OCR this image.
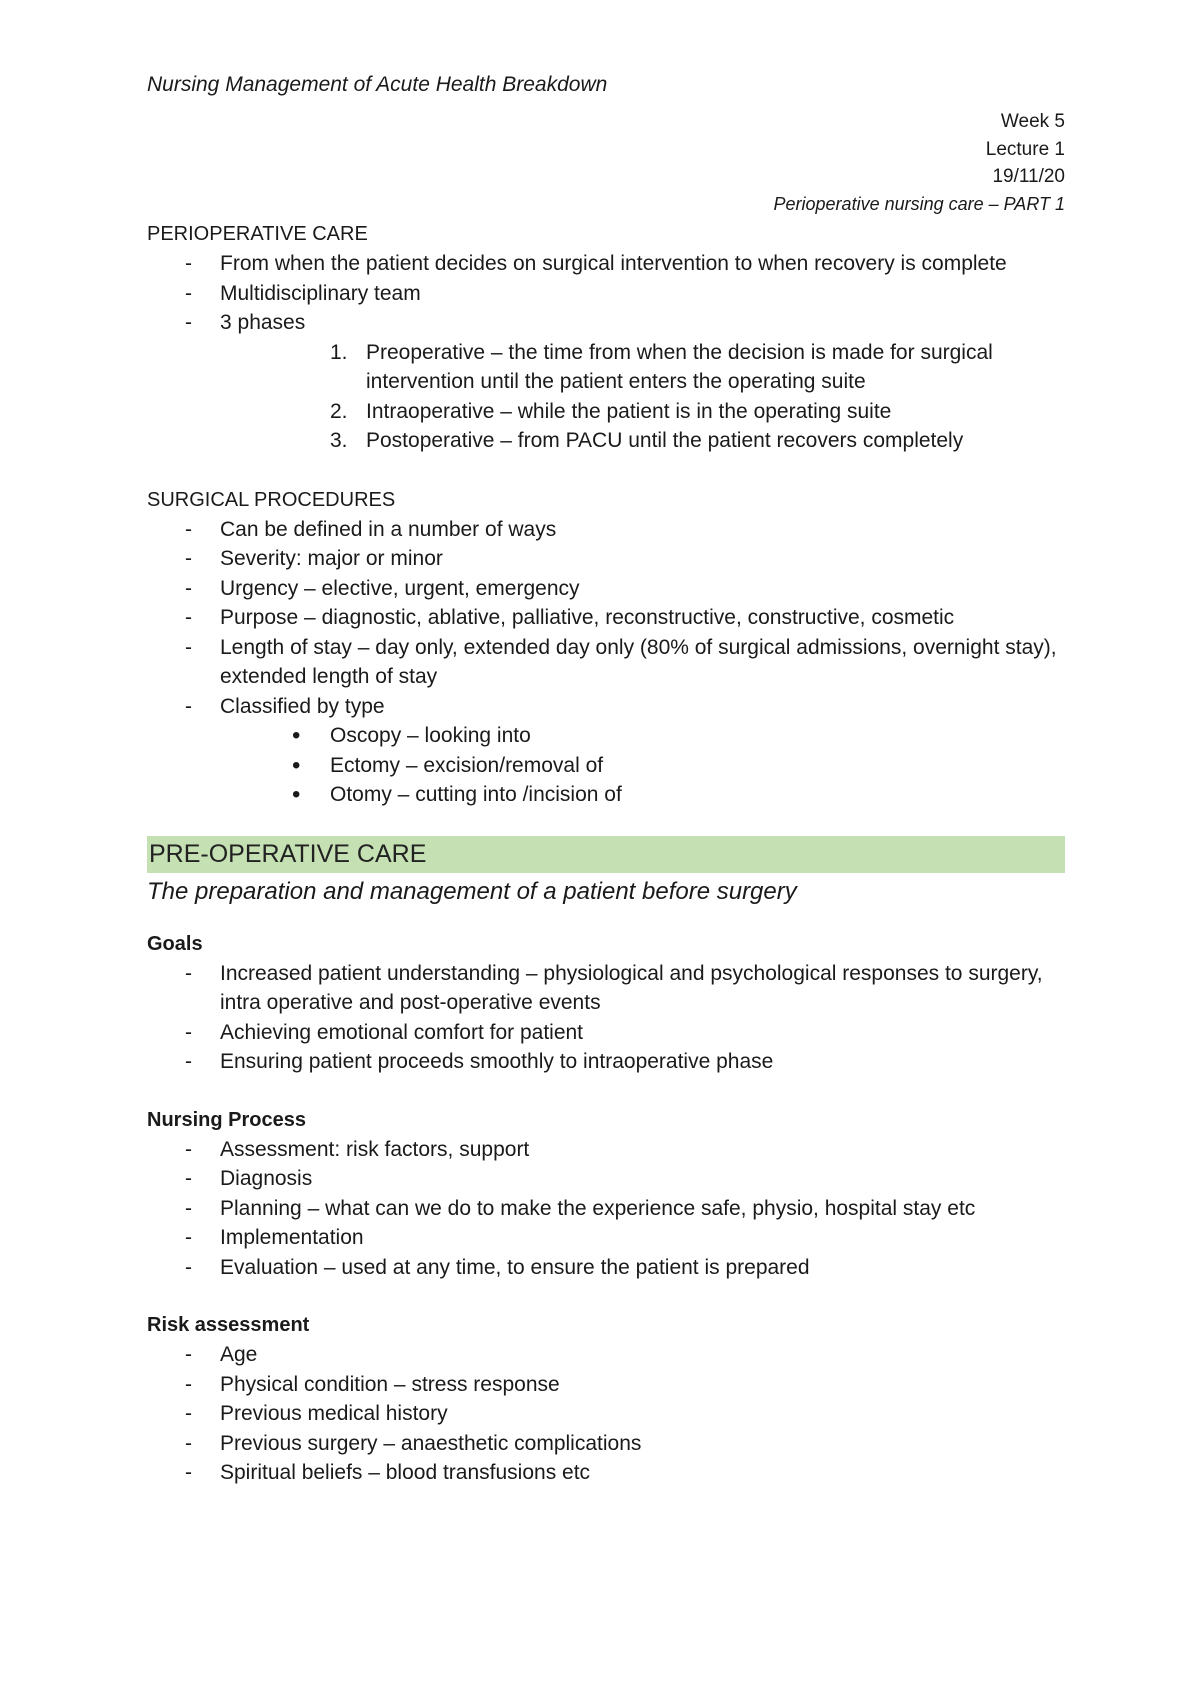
Nursing Management of Acute Health Breakdown
Week 5
Lecture 1
19/11/20
Perioperative nursing care – PART 1
PERIOPERATIVE CARE
- From when the patient decides on surgical intervention to when recovery is complete
- Multidisciplinary team
- 3 phases
1. Preoperative – the time from when the decision is made for surgical intervention until the patient enters the operating suite
2. Intraoperative – while the patient is in the operating suite
3. Postoperative – from PACU until the patient recovers completely
SURGICAL PROCEDURES
- Can be defined in a number of ways
- Severity: major or minor
- Urgency – elective, urgent, emergency
- Purpose – diagnostic, ablative, palliative, reconstructive, constructive, cosmetic
- Length of stay – day only, extended day only (80% of surgical admissions, overnight stay), extended length of stay
- Classified by type
• Oscopy – looking into
• Ectomy – excision/removal of
• Otomy – cutting into /incision of
PRE-OPERATIVE CARE
The preparation and management of a patient before surgery
Goals
- Increased patient understanding – physiological and psychological responses to surgery, intra operative and post-operative events
- Achieving emotional comfort for patient
- Ensuring patient proceeds smoothly to intraoperative phase
Nursing Process
- Assessment: risk factors, support
- Diagnosis
- Planning – what can we do to make the experience safe, physio, hospital stay etc
- Implementation
- Evaluation – used at any time, to ensure the patient is prepared
Risk assessment
- Age
- Physical condition – stress response
- Previous medical history
- Previous surgery – anaesthetic complications
- Spiritual beliefs – blood transfusions etc
